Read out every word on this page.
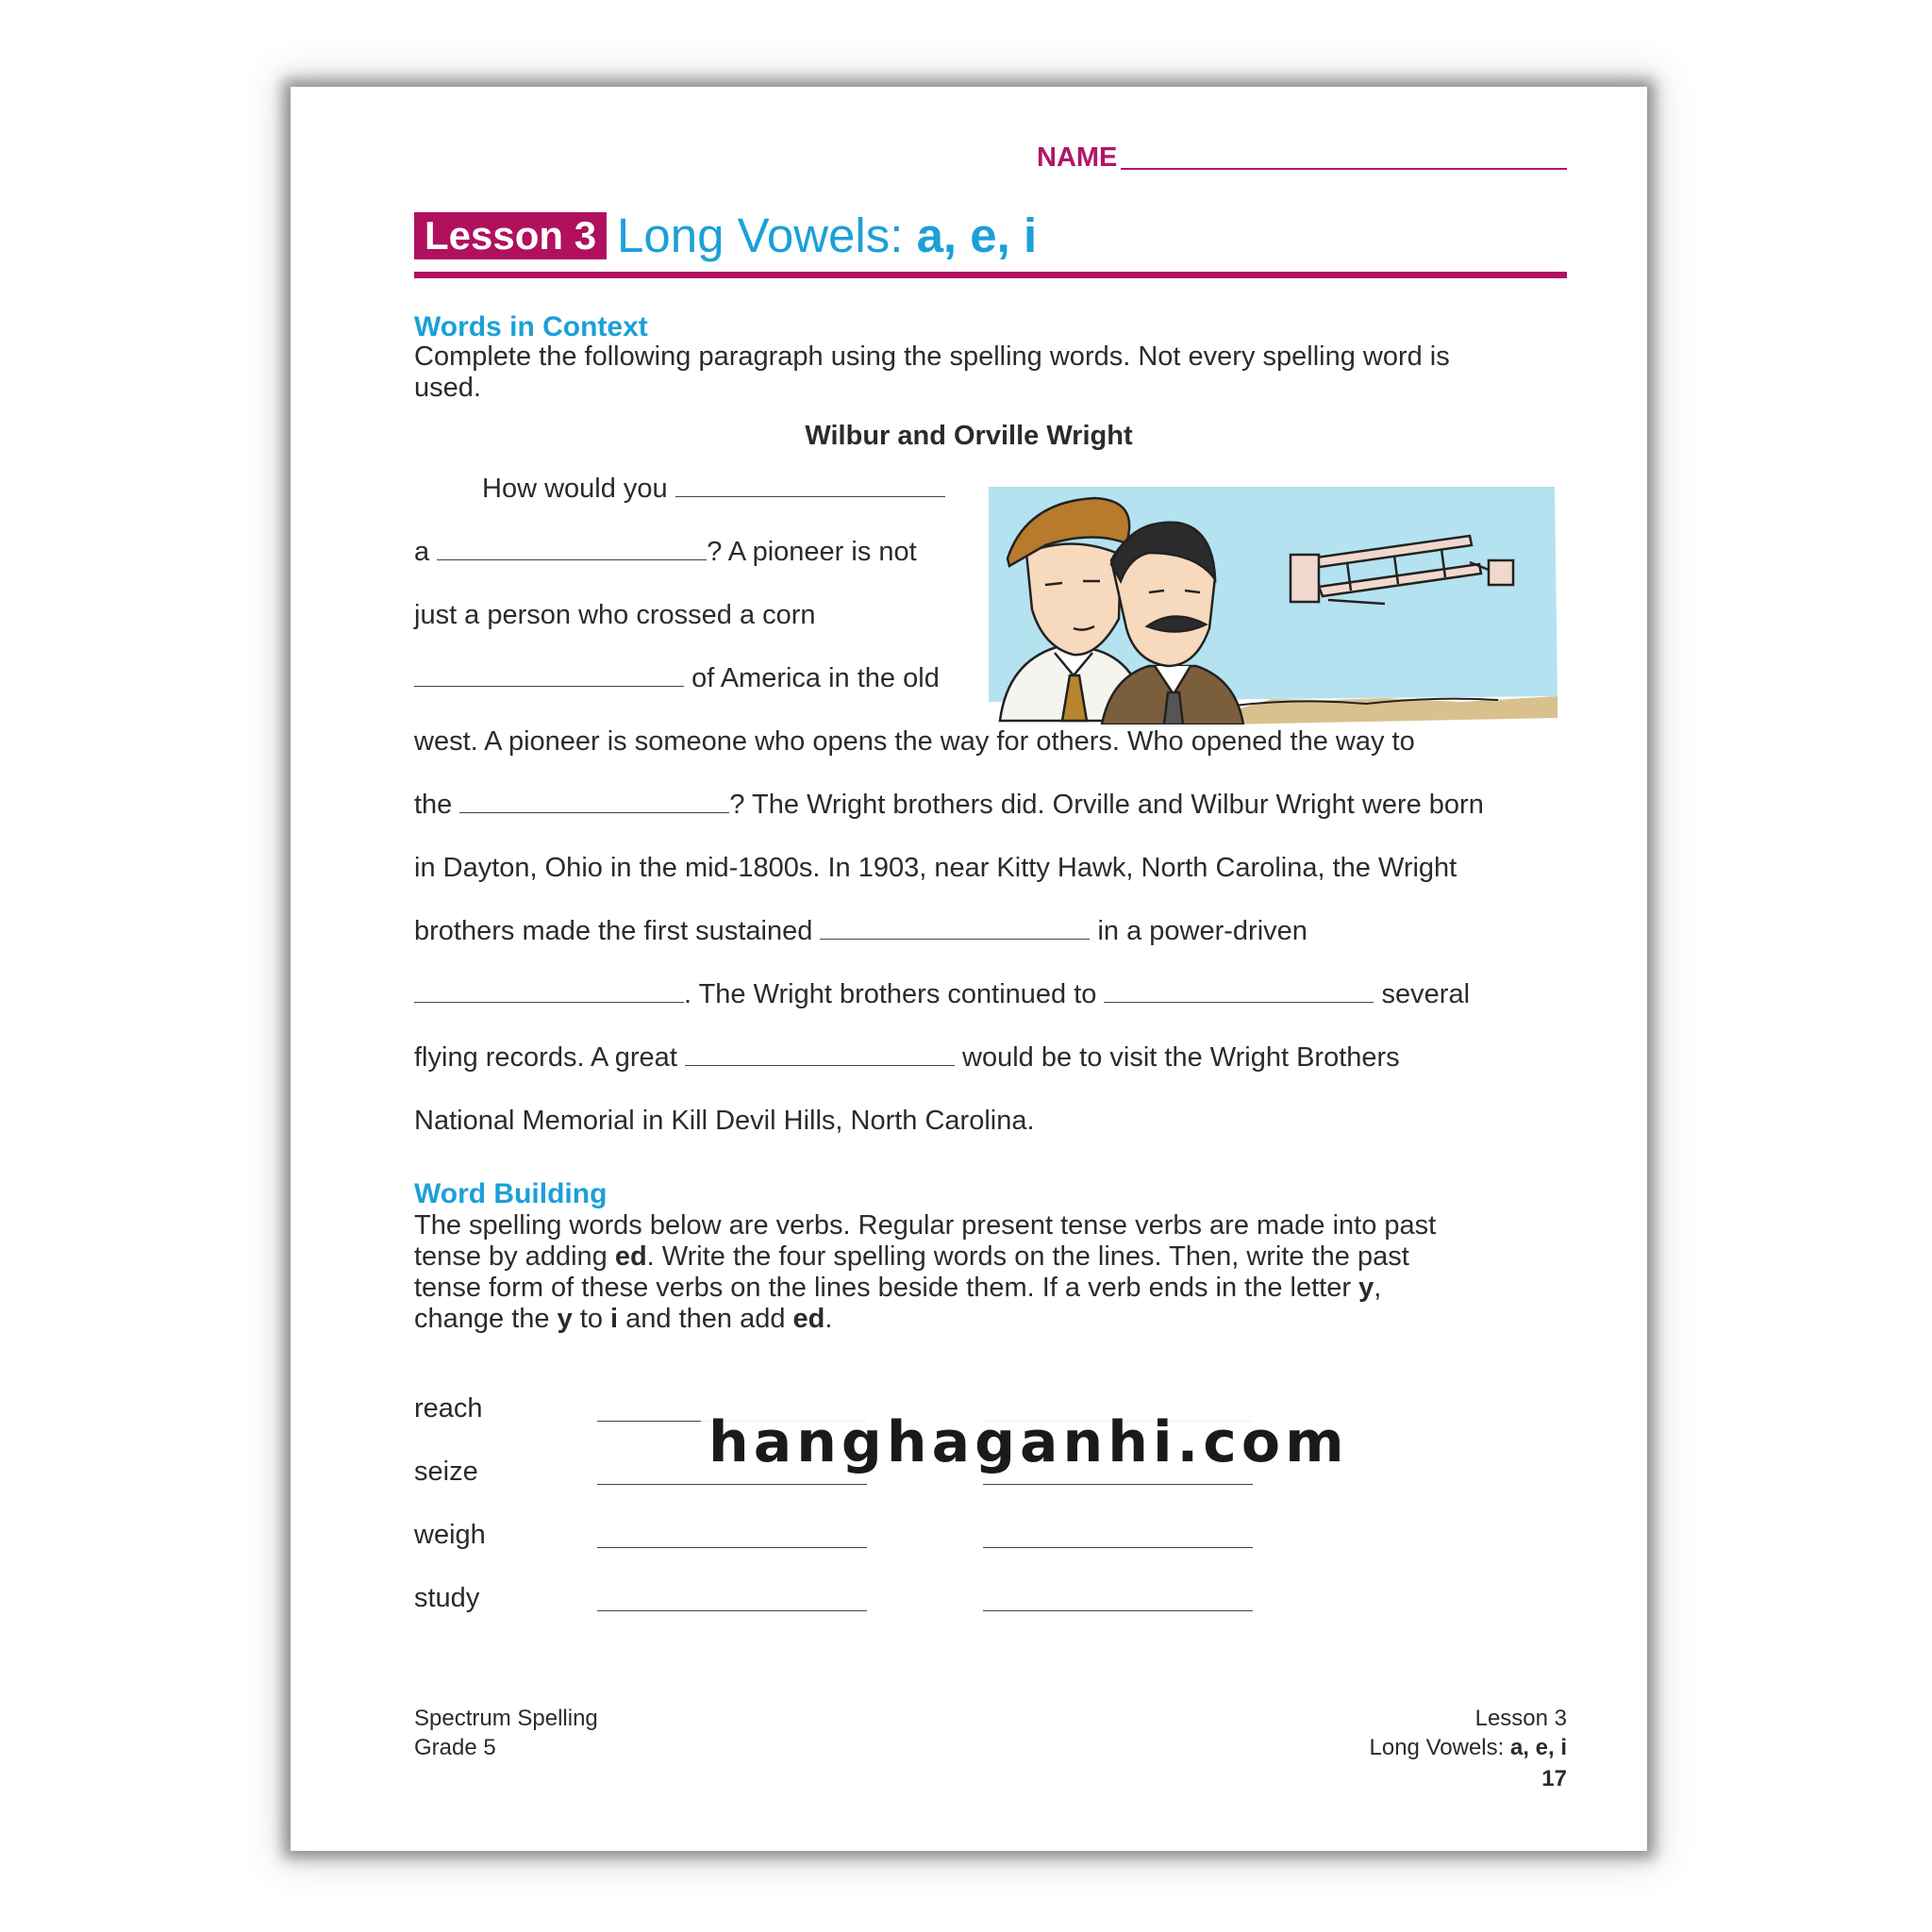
NAME
Lesson 3 Long Vowels: a, e, i
Words in Context
Complete the following paragraph using the spelling words. Not every spelling word is
used.
Wilbur and Orville Wright
How would you
a	? A pioneer is not
just a person who crossed a corn
of America in the old
west. A pioneer is someone who opens the way for others. Who opened the way to
the	? The Wright brothers did. Orville and Wilbur Wright were born
in Dayton, Ohio in the mid-1800s. In 1903, near Kitty Hawk, North Carolina, the Wright
brothers made the first sustained	in a power-driven
. The Wright brothers continued to	several
flying records. A great	would be to visit the Wright Brothers
National Memorial in Kill Devil Hills, North Carolina.
Word Building
The spelling words below are verbs. Regular present tense verbs are made into past
tense by adding ed. Write the four spelling words on the lines. Then, write the past
tense form of these verbs on the lines beside them. If a verb ends in the letter y,
change the y to i and then add ed.
reach
seize
weigh
study
hanghaganhi.com
Spectrum Spelling
Grade 5
Lesson 3
Long Vowels: a, e, i
17
